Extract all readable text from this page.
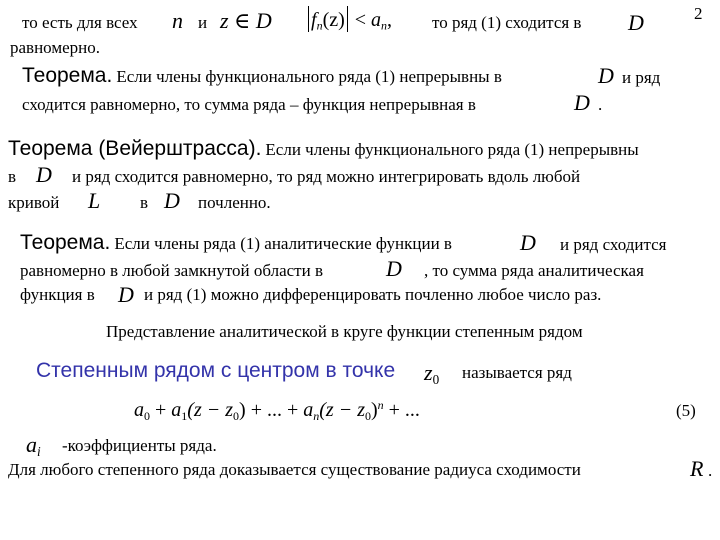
2
то есть для всех n и z ∈ D fn(z) < an, то ряд (1) сходится в D
равномерно.
Теорема. Если члены функционального ряда (1) непрерывны в	D и ряд
сходится равномерно, то сумма ряда – функция непрерывная в	D .
Теорема (Вейерштрасса). Если члены функционального ряда (1) непрерывны
в D и ряд сходится равномерно, то ряд можно интегрировать вдоль любой
кривой L в D почленно.
Теорема. Если члены ряда (1) аналитические функции в	D и ряд сходится
равномерно в любой замкнутой области в	D , то сумма ряда аналитическая
функция в D и ряд (1) можно дифференцировать почленно любое число раз.
Представление аналитической в круге функции степенным рядом
Степенным рядом с центром в точке $z_0$ называется ряд
$a_0 + a_1(z - z_0)$ + ... + $an(z - z_0)^n$ + ...	(5)
ai -коэффициенты ряда.
Для любого степенного ряда доказывается существование радиуса сходимости	R .
